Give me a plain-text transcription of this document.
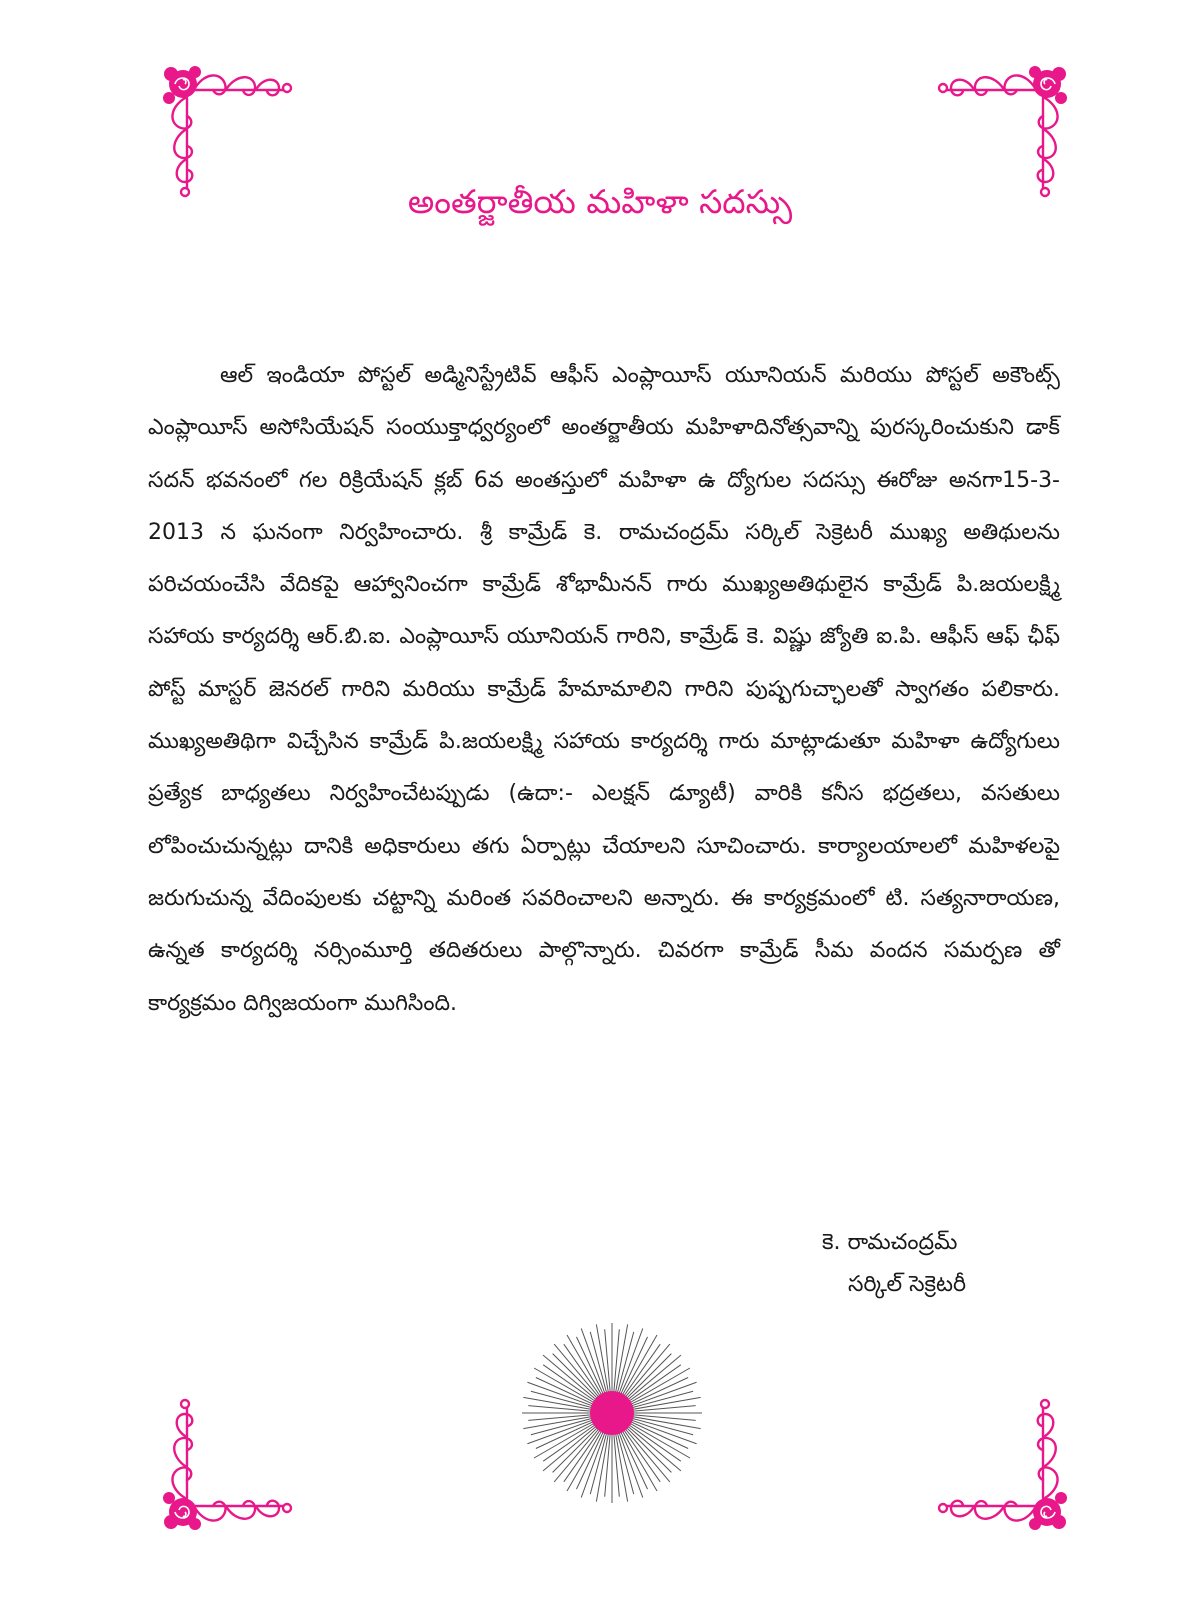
అంతర్జాతీయ మహిళా సదస్సు

ఆల్ ఇండియా పోస్టల్ అడ్మినిస్ట్రేటివ్ ఆఫీస్ ఎంప్లాయీస్ యూనియన్ మరియు పోస్టల్ అకౌంట్స్ ఎంప్లాయీస్ అసోసియేషన్ సంయుక్తాధ్వర్యంలో అంతర్జాతీయ మహిళాదినోత్సవాన్ని పురస్కరించుకుని డాక్ సదన్ భవనంలో గల రిక్రియేషన్ క్లబ్ 6వ అంతస్తులో మహిళా ఉ ద్యోగుల సదస్సు ఈరోజు అనగా15-3-2013 న ఘనంగా నిర్వహించారు. శ్రీ కామ్రేడ్ కె. రామచంద్రమ్ సర్కిల్ సెక్రెటరీ ముఖ్య అతిథులను పరిచయంచేసి వేదికపై ఆహ్వానించగా కామ్రేడ్ శోభామీనన్ గారు ముఖ్యఅతిథులైన కామ్రేడ్ పి.జయలక్ష్మి సహాయ కార్యదర్శి ఆర్.బి.ఐ. ఎంప్లాయీస్ యూనియన్ గారిని, కామ్రేడ్ కె. విష్ణు జ్యోతి ఐ.పి. ఆఫీస్ ఆఫ్ ఛీఫ్ పోస్ట్ మాస్టర్ జెనరల్ గారిని మరియు కామ్రేడ్ హేమామాలిని గారిని పుష్పగుచ్ఛాలతో స్వాగతం పలికారు. ముఖ్యఅతిథిగా విచ్చేసిన కామ్రేడ్ పి.జయలక్ష్మి సహాయ కార్యదర్శి గారు మాట్లాడుతూ మహిళా ఉద్యోగులు ప్రత్యేక బాధ్యతలు నిర్వహించేటప్పుడు (ఉదా:- ఎలక్షన్ డ్యూటీ) వారికి కనీస భద్రతలు, వసతులు లోపించుచున్నట్లు దానికి అధికారులు తగు ఏర్పాట్లు చేయాలని సూచించారు. కార్యాలయాలలో మహిళలపై జరుగుచున్న వేదింపులకు చట్టాన్ని మరింత సవరించాలని అన్నారు. ఈ కార్యక్రమంలో టి. సత్యనారాయణ, ఉన్నత కార్యదర్శి నర్సింమూర్తి తదితరులు పాల్గొన్నారు. చివరగా కామ్రేడ్ సీమ వందన సమర్పణ తో కార్యక్రమం దిగ్విజయంగా ముగిసింది.

కె. రామచంద్రమ్
సర్కిల్ సెక్రెటరీ
